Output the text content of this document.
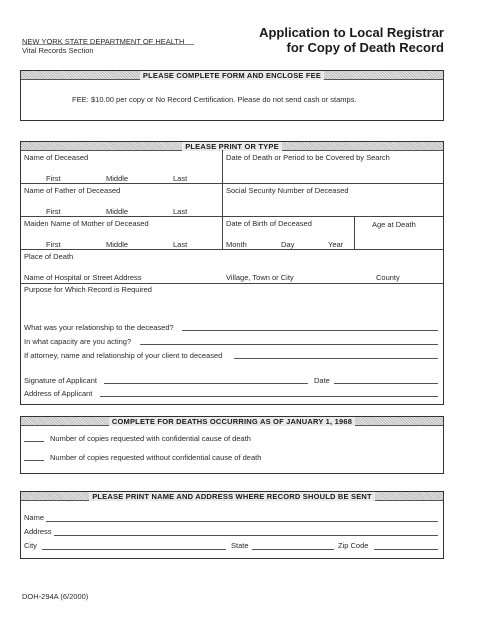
NEW YORK STATE DEPARTMENT OF HEALTH
Vital Records Section
Application to Local Registrar
for Copy of Death Record
PLEASE COMPLETE FORM AND ENCLOSE FEE
FEE: $10.00 per copy or No Record Certification. Please do not send cash or stamps.
PLEASE PRINT OR TYPE
Name of Deceased	Date of Death or Period to be Covered by Search
First	Middle	Last
Name of Father of Deceased	Social Security Number of Deceased
First	Middle	Last
Maiden Name of Mother of Deceased	Date of Birth of Deceased	Age at Death
First	Middle	Last	Month	Day	Year
Place of Death
Name of Hospital or Street Address	Village, Town or City	County
Purpose for Which Record is Required
What was your relationship to the deceased?
In what capacity are you acting?
If attorney, name and relationship of your client to deceased
Signature of Applicant	Date
Address of Applicant
COMPLETE FOR DEATHS OCCURRING AS OF JANUARY 1, 1968
Number of copies requested with confidential cause of death
Number of copies requested without confidential cause of death
PLEASE PRINT NAME AND ADDRESS WHERE RECORD SHOULD BE SENT
Name
Address
City	State	Zip Code
DOH-294A (6/2000)
